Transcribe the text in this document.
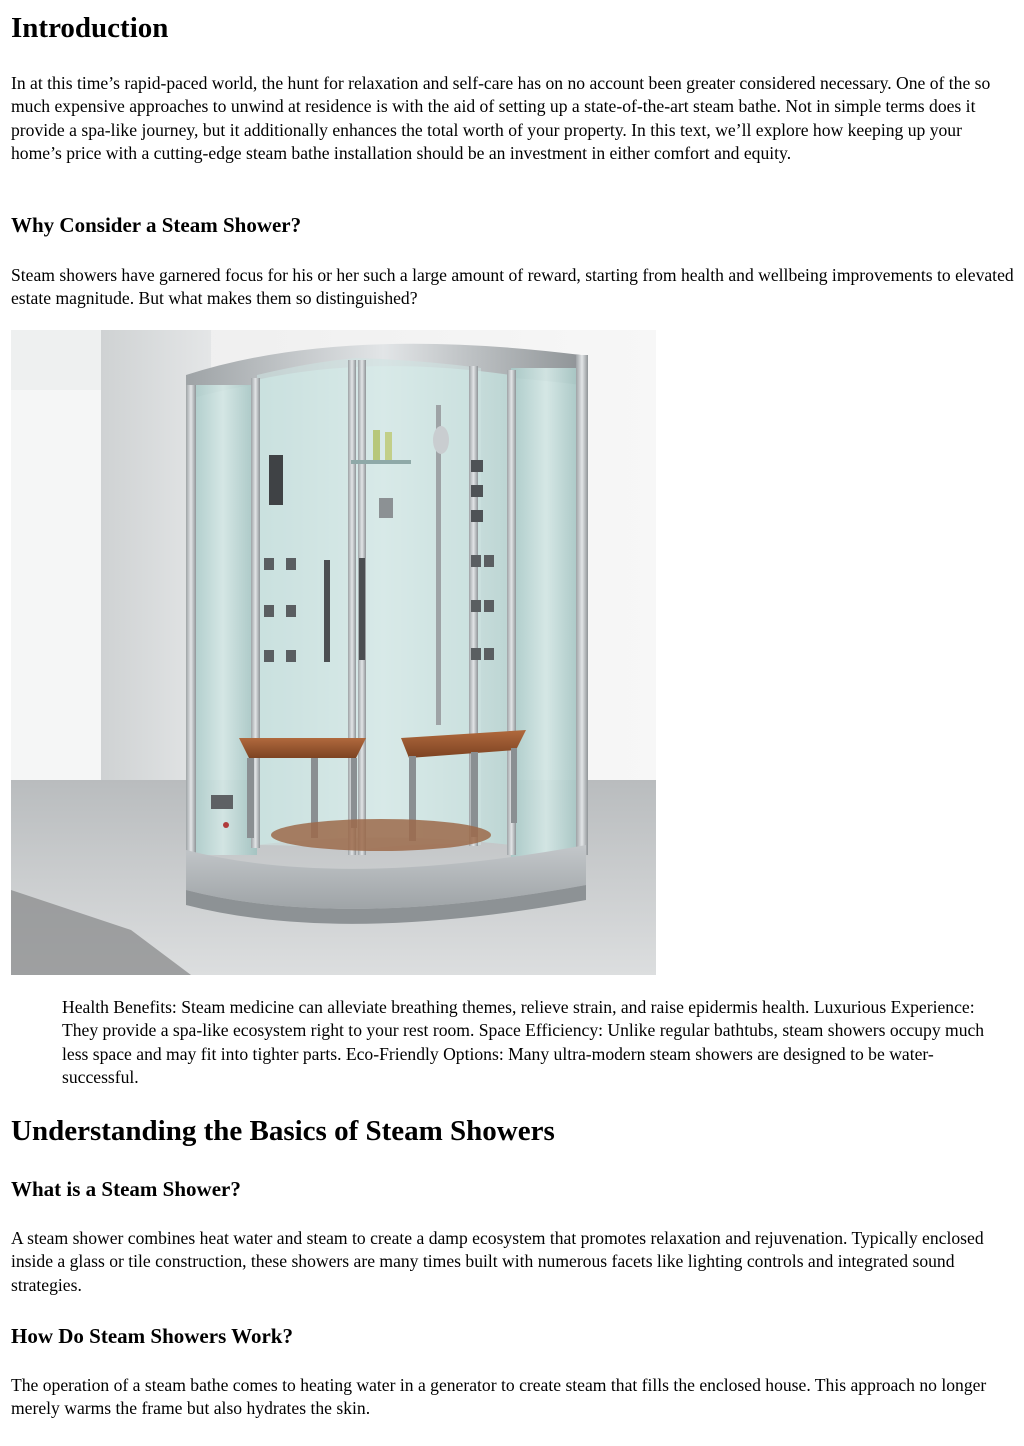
Introduction

In at this time’s rapid-paced world, the hunt for relaxation and self-care has on no account been greater considered necessary. One of the so much expensive approaches to unwind at residence is with the aid of setting up a state-of-the-art steam bathe. Not in simple terms does it provide a spa-like journey, but it additionally enhances the total worth of your property. In this text, we’ll explore how keeping up your home’s price with a cutting-edge steam bathe installation should be an investment in either comfort and equity.

Why Consider a Steam Shower?

Steam showers have garnered focus for his or her such a large amount of reward, starting from health and wellbeing improvements to elevated estate magnitude. But what makes them so distinguished?

Health Benefits: Steam medicine can alleviate breathing themes, relieve strain, and raise epidermis health. Luxurious Experience: They provide a spa-like ecosystem right to your rest room. Space Efficiency: Unlike regular bathtubs, steam showers occupy much less space and may fit into tighter parts. Eco-Friendly Options: Many ultra-modern steam showers are designed to be water-successful.

Understanding the Basics of Steam Showers
What is a Steam Shower?

A steam shower combines heat water and steam to create a damp ecosystem that promotes relaxation and rejuvenation. Typically enclosed inside a glass or tile construction, these showers are many times built with numerous facets like lighting controls and integrated sound strategies.

How Do Steam Showers Work?

The operation of a steam bathe comes to heating water in a generator to create steam that fills the enclosed house. This approach no longer merely warms the frame but also hydrates the skin.
